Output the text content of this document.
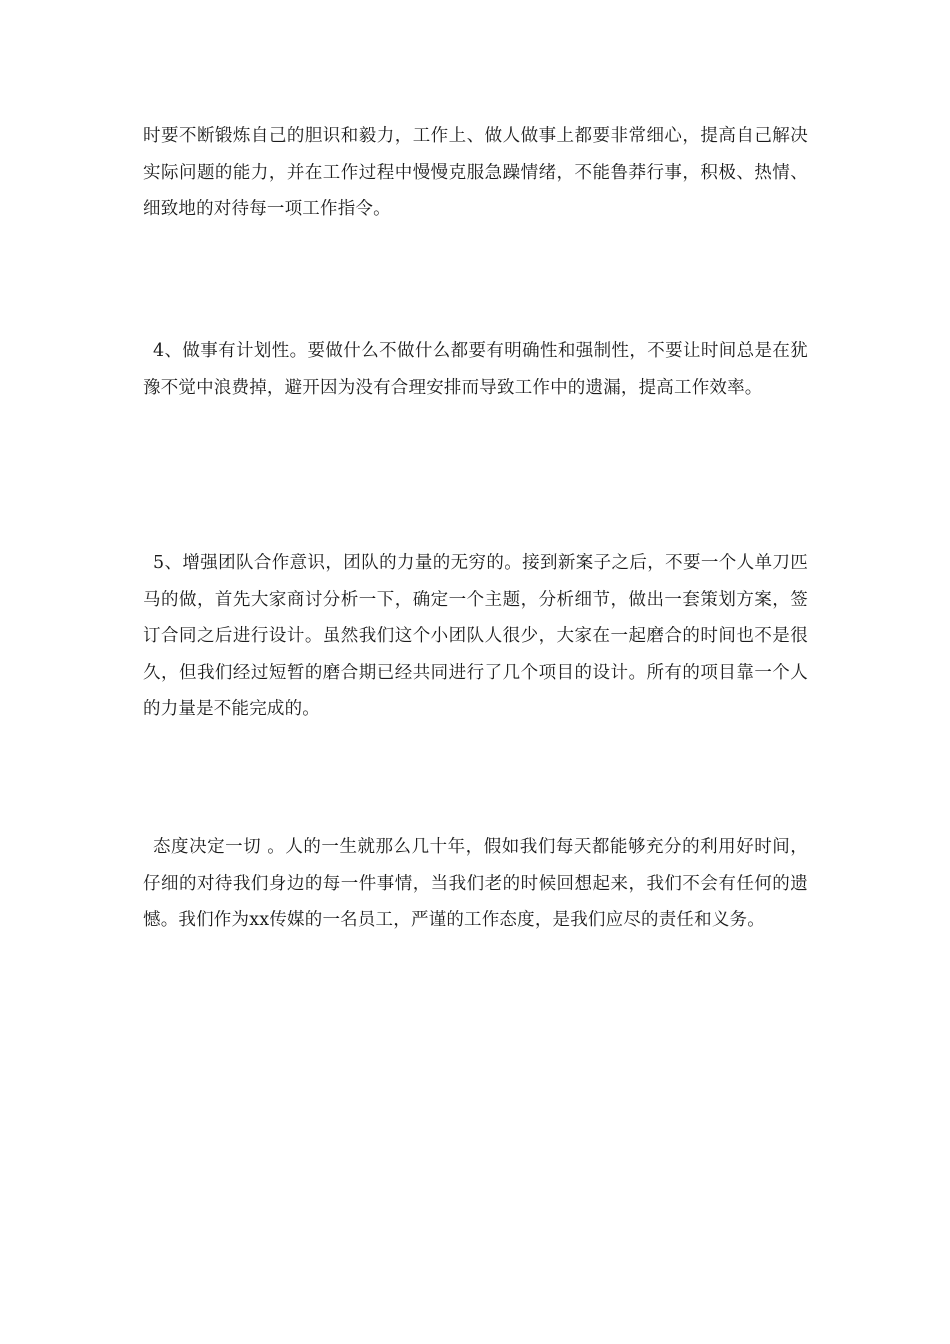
时要不断锻炼自己的胆识和毅力，工作上、做人做事上都要非常细心，提高自己解决实际问题的能力，并在工作过程中慢慢克服急躁情绪，不能鲁莽行事，积极、热情、细致地的对待每一项工作指令。

4、做事有计划性。要做什么不做什么都要有明确性和强制性，不要让时间总是在犹豫不觉中浪费掉，避开因为没有合理安排而导致工作中的遗漏，提高工作效率。

5、增强团队合作意识，团队的力量的无穷的。接到新案子之后，不要一个人单刀匹马的做，首先大家商讨分析一下，确定一个主题，分析细节，做出一套策划方案，签订合同之后进行设计。虽然我们这个小团队人很少，大家在一起磨合的时间也不是很久，但我们经过短暂的磨合期已经共同进行了几个项目的设计。所有的项目靠一个人的力量是不能完成的。

态度决定一切 。人的一生就那么几十年，假如我们每天都能够充分的利用好时间，仔细的对待我们身边的每一件事情，当我们老的时候回想起来，我们不会有任何的遗憾。我们作为xx传媒的一名员工，严谨的工作态度，是我们应尽的责任和义务。
